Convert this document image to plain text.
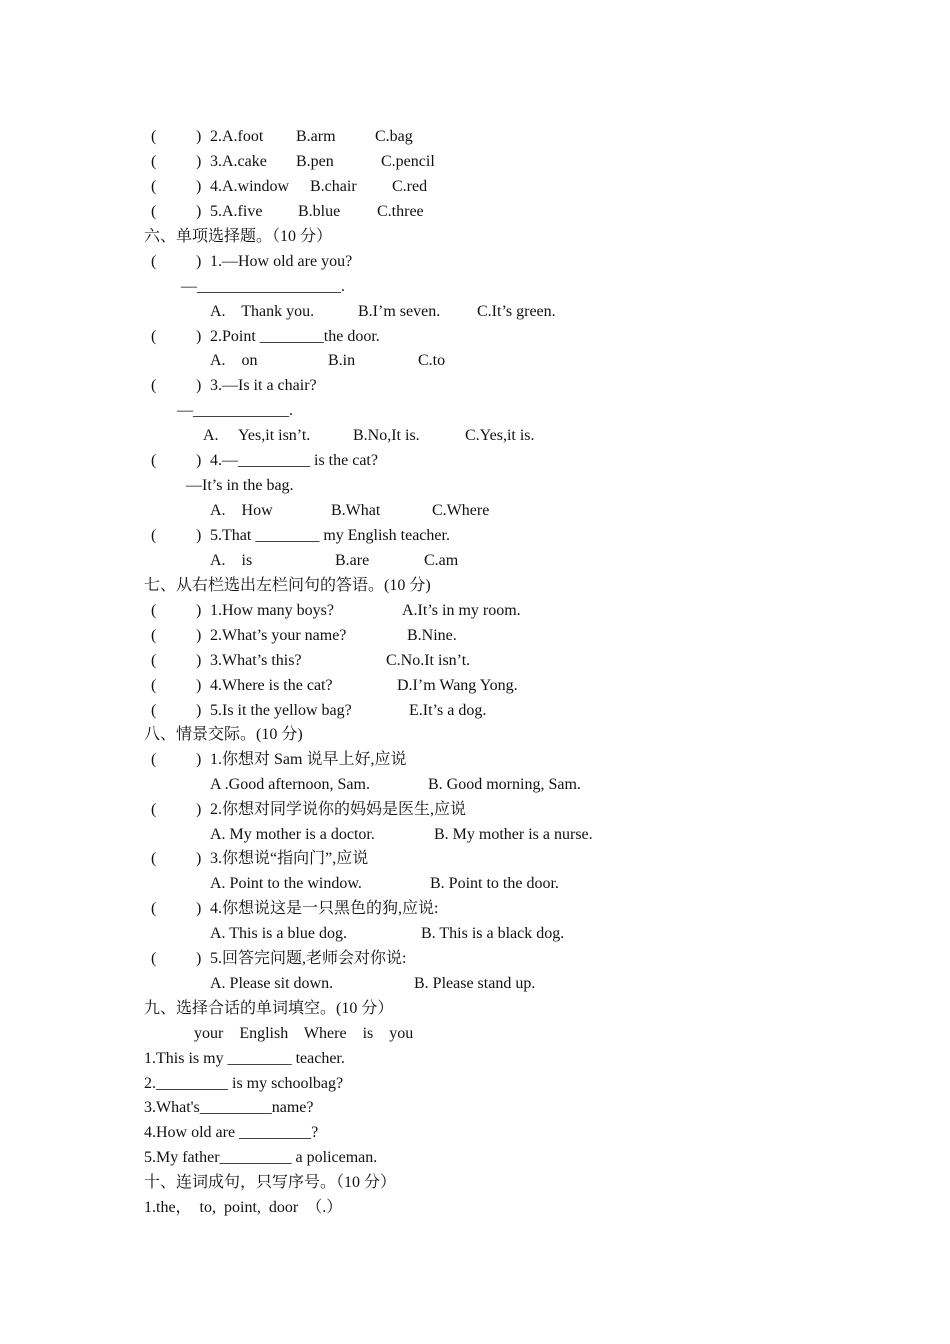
( ) 2.A.foot B.arm C.bag
( ) 3.A.cake B.pen	C.pencil
( ) 4.A.window B.chair C.red
( ) 5.A.five B.blue C.three
六、单项选择题。（10 分）
( ) 1.—How old are you?
—__________________.
A.    Thank you.	B.I’m seven. C.It’s green.
( ) 2.Point ________the door.
A.    on	B.in	C.to
( ) 3.—Is it a chair?
—____________.
A.     Yes,it isn’t.	B.No,It is.	C.Yes,it is.
( ) 4.—_________ is the cat?
—It’s in the bag.
A.    How	B.What	C.Where
( ) 5.That ________ my English teacher.
A.    is	B.are	C.am
七、从右栏选出左栏问句的答语。(10 分)
( ) 1.How many boys?	A.It’s in my room.
( ) 2.What’s your name?	B.Nine.
( ) 3.What’s this?	C.No.It isn’t.
( ) 4.Where is the cat?	D.I’m Wang Yong.
( ) 5.Is it the yellow bag?	E.It’s a dog.
八、情景交际。(10 分)
( ) 1.你想对 Sam 说早上好,应说
A .Good afternoon, Sam.	B. Good morning, Sam.
( ) 2.你想对同学说你的妈妈是医生,应说
A. My mother is a doctor.	B. My mother is a nurse.
( ) 3.你想说“指向门”,应说
A. Point to the window.	B. Point to the door.
( ) 4.你想说这是一只黑色的狗,应说:
A. This is a blue dog.	B. This is a black dog.
( ) 5.回答完问题,老师会对你说:
A. Please sit down.	B. Please stand up.
九、选择合话的单词填空。(10 分）
your    English    Where    is    you
1.This is my ________ teacher.
2._________ is my schoolbag?
3.What's_________name?
4.How old are _________?
5.My father_________ a policeman.
十、连词成句，只写序号。（10 分）
1.the，  to,  point,  door  （.）
